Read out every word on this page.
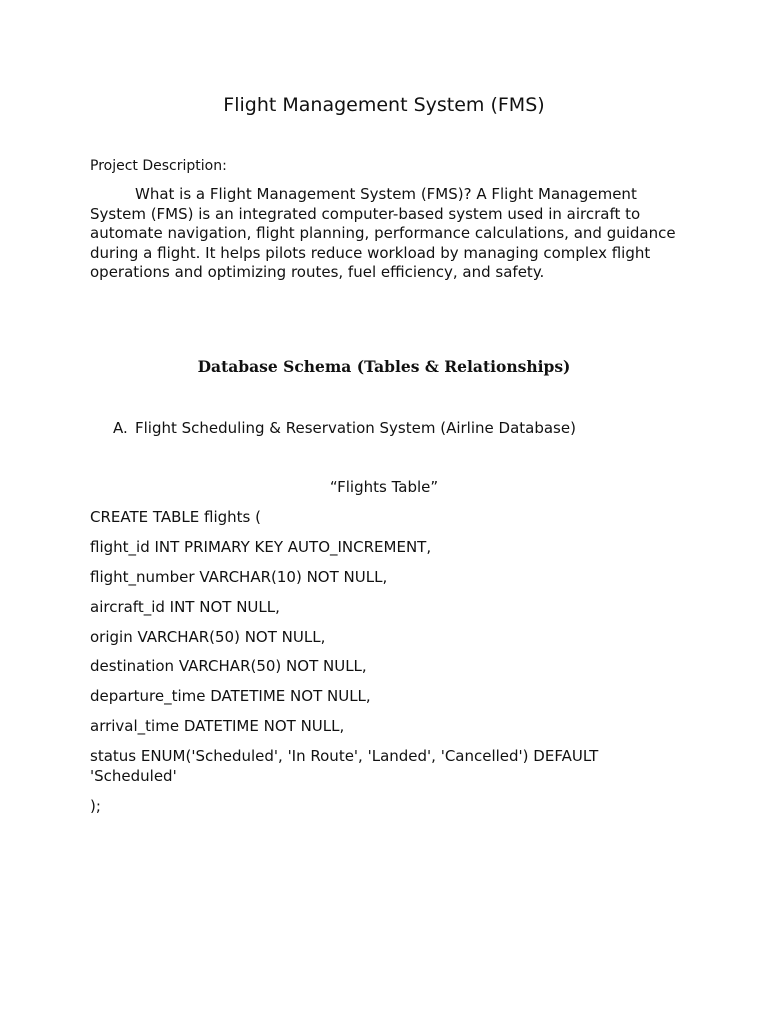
Flight Management System (FMS)
Project Description:

What is a Flight Management System (FMS)? A Flight Management System (FMS) is an integrated computer-based system used in aircraft to automate navigation, flight planning, performance calculations, and guidance during a flight. It helps pilots reduce workload by managing complex flight operations and optimizing routes, fuel efficiency, and safety.

Database Schema (Tables & Relationships)
A. Flight Scheduling & Reservation System (Airline Database)
“Flights Table”
CREATE TABLE flights (
flight_id INT PRIMARY KEY AUTO_INCREMENT,
flight_number VARCHAR(10) NOT NULL,
aircraft_id INT NOT NULL,
origin VARCHAR(50) NOT NULL,
destination VARCHAR(50) NOT NULL,
departure_time DATETIME NOT NULL,
arrival_time DATETIME NOT NULL,
status ENUM('Scheduled', 'In Route', 'Landed', 'Cancelled') DEFAULT 'Scheduled'
);
